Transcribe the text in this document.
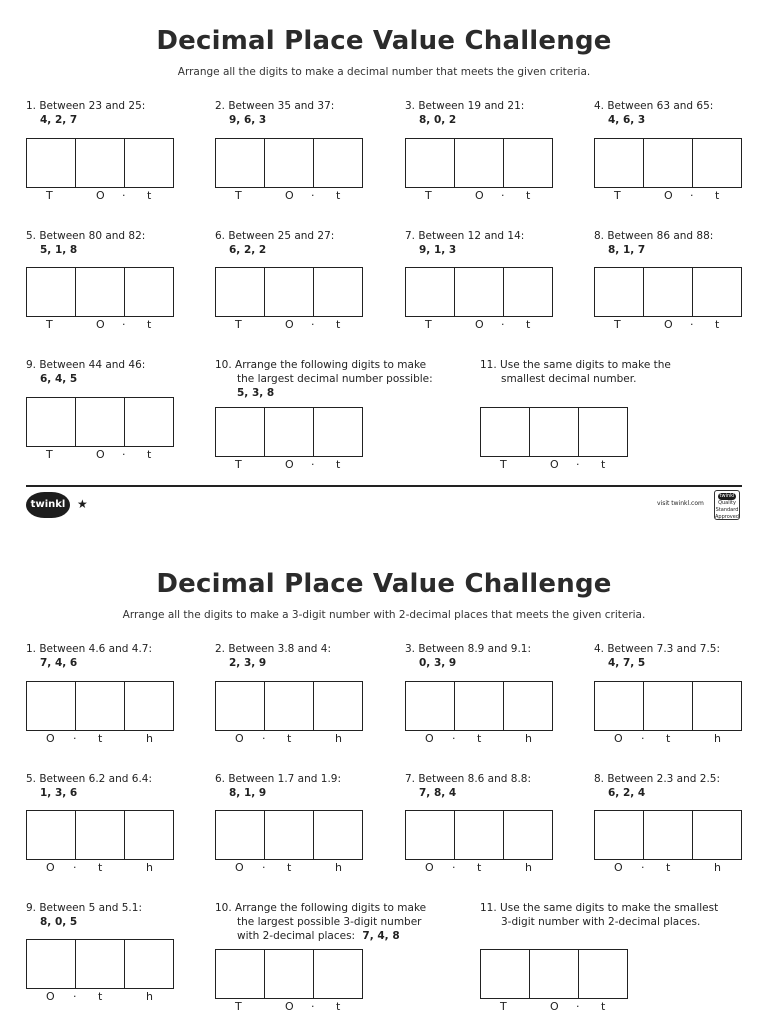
Decimal Place Value Challenge
Arrange all the digits to make a decimal number that meets the given criteria.
1. Between 23 and 25:
4, 2, 7
2. Between 35 and 37:
9, 6, 3
3. Between 19 and 21:
8, 0, 2
4. Between 63 and 65:
4, 6, 3
T	O · t	T	O · t	T	O · t	T	O · t
5. Between 80 and 82:
5, 1, 8
6. Between 25 and 27:
6, 2, 2
7. Between 12 and 14:
9, 1, 3
8. Between 86 and 88:
8, 1, 7
T	O · t	T	O · t	T	O · t	T	O · t
9. Between 44 and 46:
6, 4, 5
10. Arrange the following digits to make
the largest decimal number possible:
5, 3, 8
11. Use the same digits to make the
smallest decimal number.
T	O · t
T	O · t	T	O · t
twinkl ★	visit twinkl.com
twinkl
Quality Standard Approved
Decimal Place Value Challenge
Arrange all the digits to make a 3-digit number with 2-decimal places that meets the given criteria.
1. Between 4.6 and 4.7:
7, 4, 6
2. Between 3.8 and 4:
2, 3, 9
3. Between 8.9 and 9.1:
0, 3, 9
4. Between 7.3 and 7.5:
4, 7, 5
O · t	h	O · t	h	O · t	h	O · t	h
5. Between 6.2 and 6.4:
1, 3, 6
6. Between 1.7 and 1.9:
8, 1, 9
7. Between 8.6 and 8.8:
7, 8, 4
8. Between 2.3 and 2.5:
6, 2, 4
O · t	h	O · t	h	O · t	h	O · t	h
9. Between 5 and 5.1:
8, 0, 5
10. Arrange the following digits to make
the largest possible 3-digit number
with 2-decimal places: 7, 4, 8
11. Use the same digits to make the smallest
3-digit number with 2-decimal places.
O · t	h
T	O · t	T	O · t
